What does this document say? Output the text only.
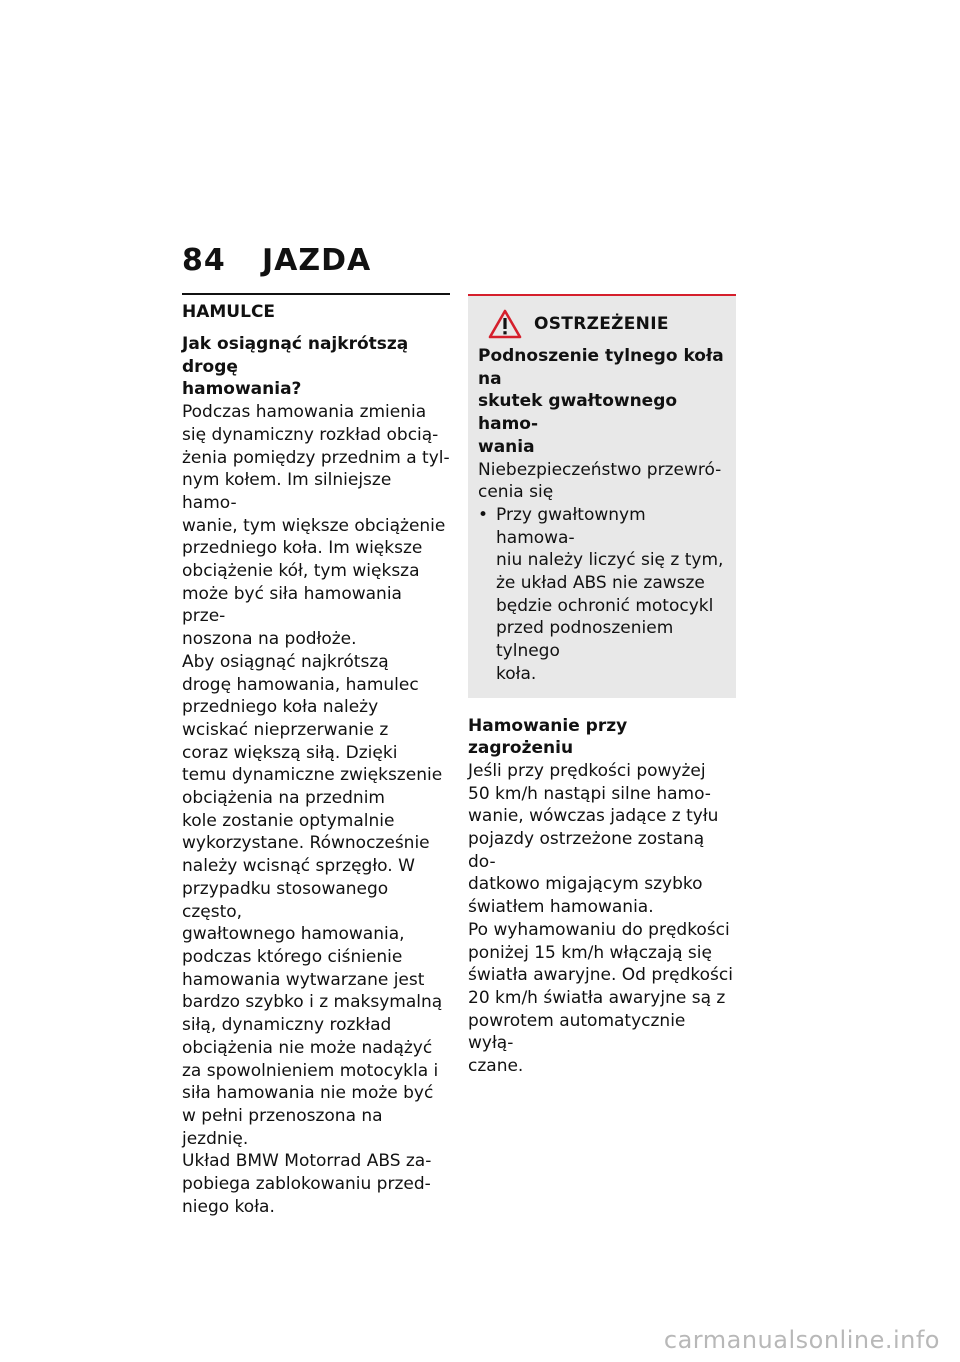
84 JAZDA
HAMULCE
Jak osiągnąć najkrótszą drogę
hamowania?
Podczas hamowania zmienia
się dynamiczny rozkład obcią-
żenia pomiędzy przednim a tyl-
nym kołem. Im silniejsze hamo-
wanie, tym większe obciążenie
przedniego koła. Im większe
obciążenie kół, tym większa
może być siła hamowania prze-
noszona na podłoże.
Aby osiągnąć najkrótszą
drogę hamowania, hamulec
przedniego koła należy
wciskać nieprzerwanie z
coraz większą siłą. Dzięki
temu dynamiczne zwiększenie
obciążenia na przednim
kole zostanie optymalnie
wykorzystane. Równocześnie
należy wcisnąć sprzęgło. W
przypadku stosowanego często,
gwałtownego hamowania,
podczas którego ciśnienie
hamowania wytwarzane jest
bardzo szybko i z maksymalną
siłą, dynamiczny rozkład
obciążenia nie może nadążyć
za spowolnieniem motocykla i
siła hamowania nie może być
w pełni przenoszona na jezdnię.
Układ BMW Motorrad ABS za-
pobiega zablokowaniu przed-
niego koła.
OSTRZEŻENIE
Podnoszenie tylnego koła na
skutek gwałtownego hamo-
wania
Niebezpieczeństwo przewró-
cenia się
• Przy gwałtownym hamowa-
niu należy liczyć się z tym,
że układ ABS nie zawsze
będzie ochronić motocykl
przed podnoszeniem tylnego
koła.
Hamowanie przy zagrożeniu
Jeśli przy prędkości powyżej
50 km/h nastąpi silne hamo-
wanie, wówczas jadące z tyłu
pojazdy ostrzeżone zostaną do-
datkowo migającym szybko
światłem hamowania.
Po wyhamowaniu do prędkości
poniżej 15 km/h włączają się
światła awaryjne. Od prędkości
20 km/h światła awaryjne są z
powrotem automatycznie wyłą-
czane.
carmanualsonline.info
